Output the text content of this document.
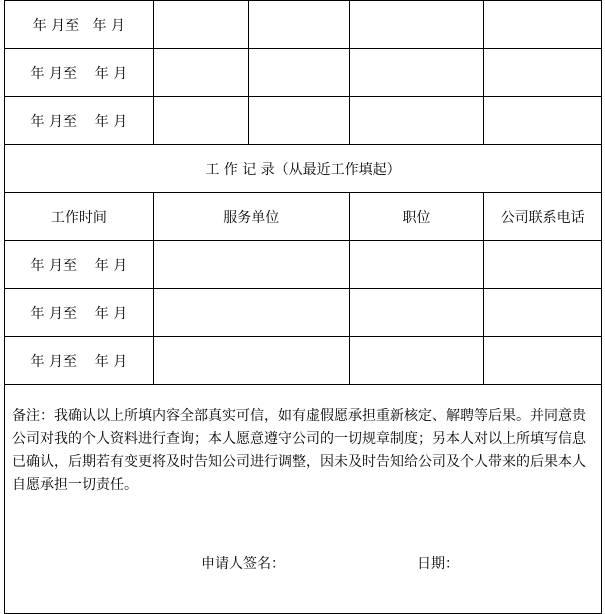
年 月至   年 月				
年 月至    年 月				
年 月至    年 月				
工 作 记 录（从最近工作填起）				
工作时间	服务单位		职位	公司联系电话
年 月至    年 月				
年 月至    年 月				
年 月至    年 月				

备注：我确认以上所填内容全部真实可信，如有虚假愿承担重新核定、解聘等后果。并同意贵公司对我的个人资料进行查询；本人愿意遵守公司的一切规章制度；另本人对以上所填写信息已确认，后期若有变更将及时告知公司进行调整，因未及时告知给公司及个人带来的后果本人自愿承担一切责任。
申请人签名： 日期：				
